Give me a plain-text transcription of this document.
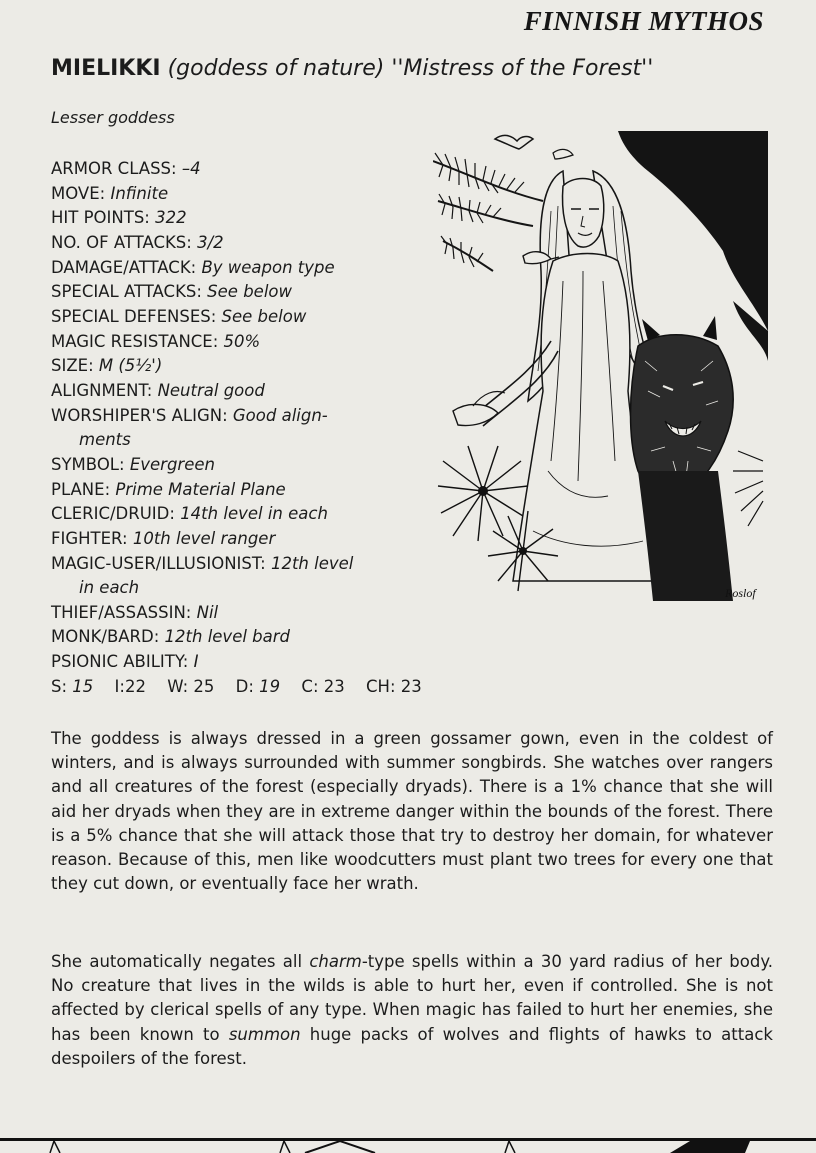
FINNISH MYTHOS
MIELIKKI (goddess of nature) ''Mistress of the Forest''
Lesser goddess
ARMOR CLASS: –4
MOVE: Infinite
HIT POINTS: 322
NO. OF ATTACKS: 3/2
DAMAGE/ATTACK: By weapon type
SPECIAL ATTACKS: See below
SPECIAL DEFENSES: See below
MAGIC RESISTANCE: 50%
SIZE: M (5½')
ALIGNMENT: Neutral good
WORSHIPER'S ALIGN: Good align-
ments
SYMBOL: Evergreen
PLANE: Prime Material Plane
CLERIC/DRUID: 14th level in each
FIGHTER: 10th level ranger
MAGIC-USER/ILLUSIONIST: 12th level
in each
THIEF/ASSASSIN: Nil
MONK/BARD: 12th level bard
PSIONIC ABILITY: I
S: 15 I:22 W: 25 D: 19 C: 23 CH: 23
Roslof
The goddess is always dressed in a green gossamer gown, even in the coldest of winters, and is always surrounded with summer songbirds. She watches over rangers and all creatures of the forest (especially dryads). There is a 1% chance that she will aid her dryads when they are in extreme danger within the bounds of the forest. There is a 5% chance that she will attack those that try to destroy her domain, for whatever reason. Because of this, men like woodcutters must plant two trees for every one that they cut down, or eventually face her wrath.
She automatically negates all charm-type spells within a 30 yard radius of her body. No creature that lives in the wilds is able to hurt her, even if controlled. She is not affected by clerical spells of any type. When magic has failed to hurt her enemies, she has been known to summon huge packs of wolves and flights of hawks to attack despoilers of the forest.
